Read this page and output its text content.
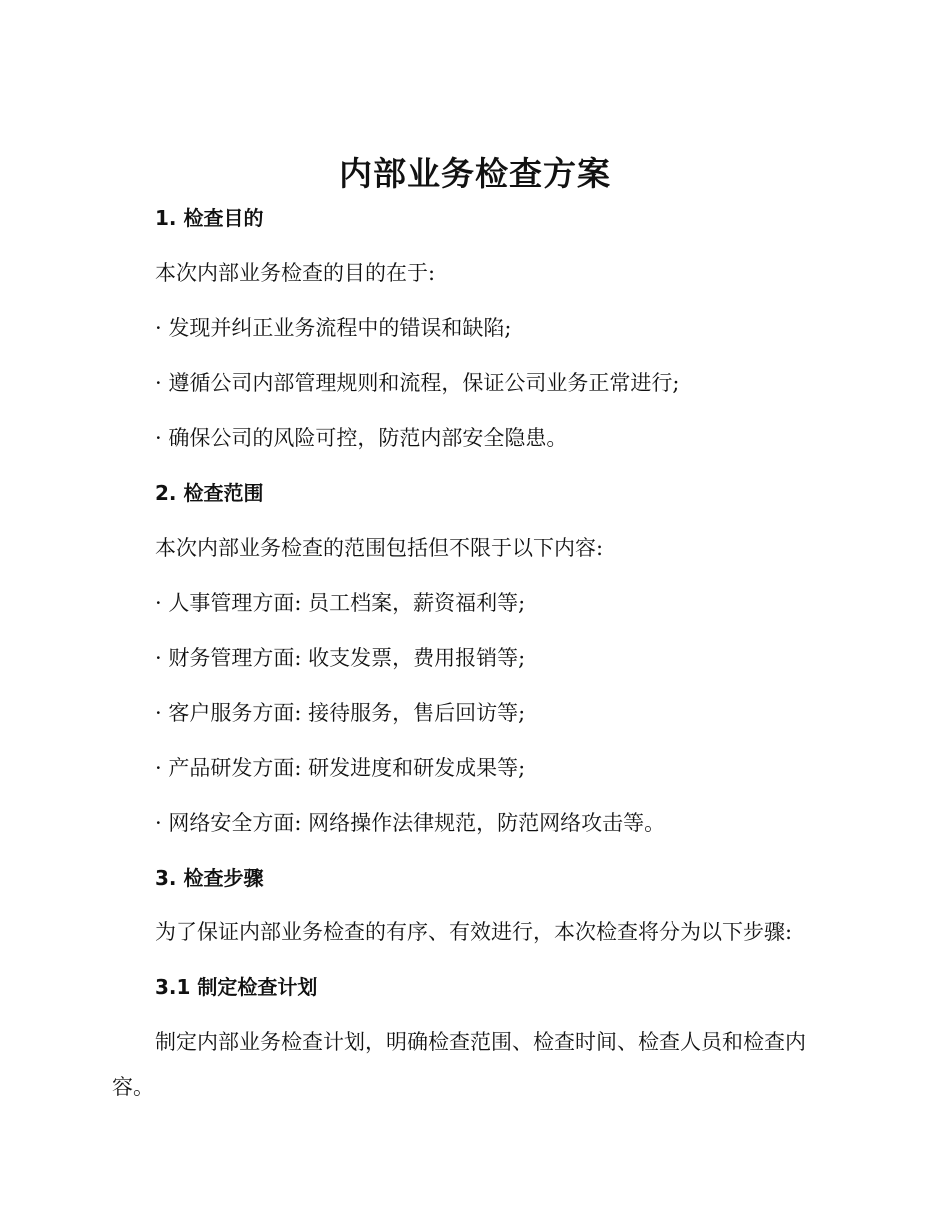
内部业务检查方案

1. 检查目的

本次内部业务检查的目的在于:

· 发现并纠正业务流程中的错误和缺陷;

· 遵循公司内部管理规则和流程，保证公司业务正常进行;

· 确保公司的风险可控，防范内部安全隐患。

2. 检查范围

本次内部业务检查的范围包括但不限于以下内容:

· 人事管理方面: 员工档案，薪资福利等;

· 财务管理方面: 收支发票，费用报销等;

· 客户服务方面: 接待服务，售后回访等;

· 产品研发方面: 研发进度和研发成果等;

· 网络安全方面: 网络操作法律规范，防范网络攻击等。

3. 检查步骤

为了保证内部业务检查的有序、有效进行，本次检查将分为以下步骤:

3.1 制定检查计划

制定内部业务检查计划，明确检查范围、检查时间、检查人员和检查内容。
